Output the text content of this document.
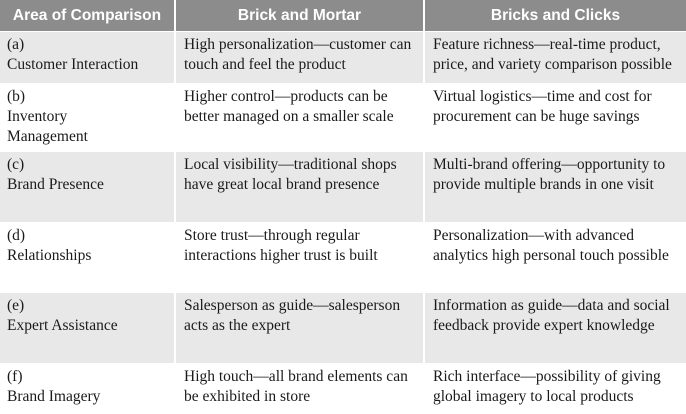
Area of Comparison	Brick and Mortar	Bricks and Clicks
(a)Customer Interaction	High personalization—customer can touch and feel the product	Feature richness—real-time product, price, and variety comparison possible
(b)Inventory Management	Higher control—products can be better managed on a smaller scale	Virtual logistics—time and cost for procurement can be huge savings
(c)Brand Presence	Local visibility—traditional shops have great local brand presence	Multi-brand offering—opportunity to provide multiple brands in one visit
(d)Relationships	Store trust—through regular interactions higher trust is built	Personalization—with advanced analytics high personal touch possible
(e)Expert Assistance	Salesperson as guide—salesperson acts as the expert	Information as guide—data and social feedback provide expert knowledge
(f)Brand Imagery	High touch—all brand elements can be exhibited in store	Rich interface—possibility of giving global imagery to local products
